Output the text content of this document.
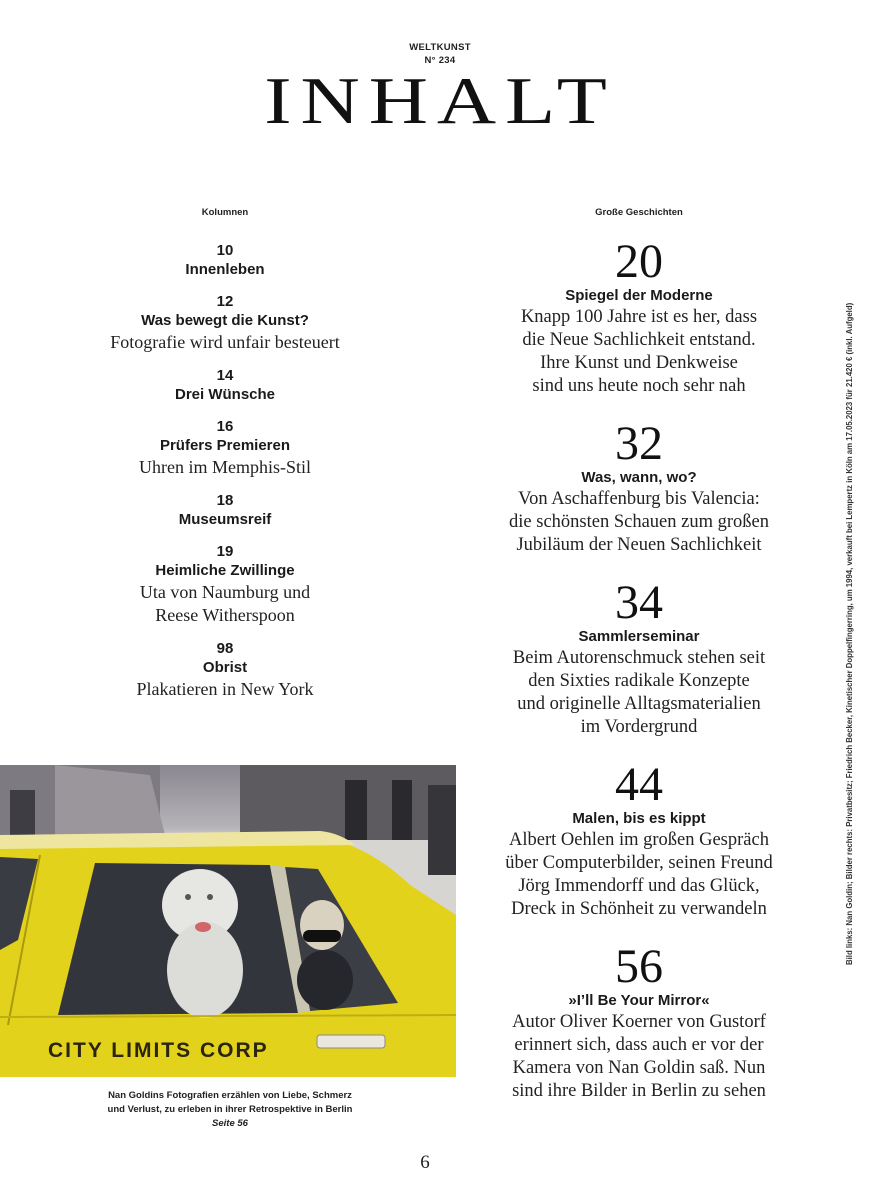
WELTKUNST
N° 234
INHALT
Kolumnen	Große Geschichten
10
Innenleben
12
Was bewegt die Kunst?
Fotografie wird unfair besteuert
14
Drei Wünsche
16
Prüfers Premieren
Uhren im Memphis-Stil
18
Museumsreif
19
Heimliche Zwillinge
Uta von Naumburg und
Reese Witherspoon
98
Obrist
Plakatieren in New York
20
Spiegel der Moderne
Knapp 100 Jahre ist es her, dass
die Neue Sachlichkeit entstand.
Ihre Kunst und Denkweise
sind uns heute noch sehr nah
32
Was, wann, wo?
Von Aschaffenburg bis Valencia:
die schönsten Schauen zum großen
Jubiläum der Neuen Sachlichkeit
34
Sammlerseminar
Beim Autorenschmuck stehen seit
den Sixties radikale Konzepte
und originelle Alltagsmaterialien
im Vordergrund
44
Malen, bis es kippt
Albert Oehlen im großen Gespräch
über Computerbilder, seinen Freund
Jörg Immendorff und das Glück,
Dreck in Schönheit zu verwandeln
56
»I’ll Be Your Mirror«
Autor Oliver Koerner von Gustorf
erinnert sich, dass auch er vor der
Kamera von Nan Goldin saß. Nun
sind ihre Bilder in Berlin zu sehen
CITY LIMITS CORP
Nan Goldins Fotografien erzählen von Liebe, Schmerz
und Verlust, zu erleben in ihrer Retrospektive in Berlin
Seite 56
6
Bild links: Nan Goldin; Bilder rechts: Privatbesitz; Friedrich Becker, Kinetischer Doppelfingerring, um 1994, verkauft bei Lempertz in Köln am 17.05.2023 für 21.420 € (inkl. Aufgeld)
